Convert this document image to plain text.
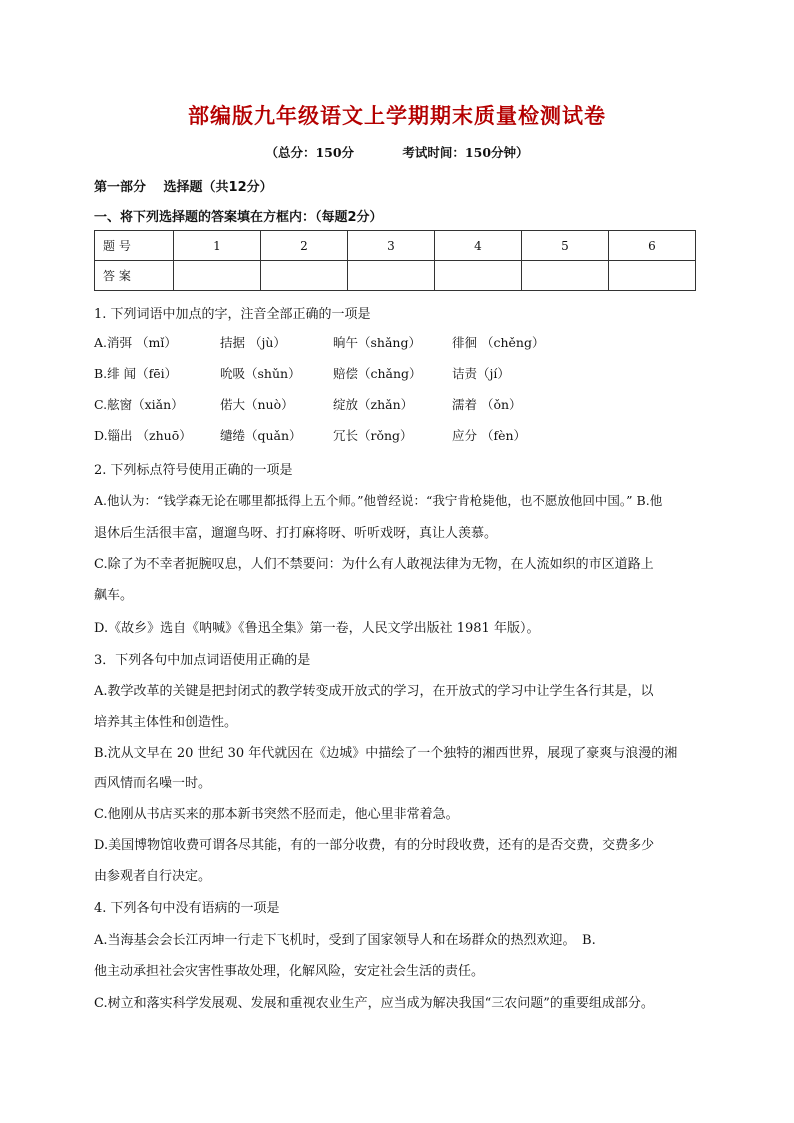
部编版九年级语文上学期期末质量检测试卷
（总分：150分	考试时间：150分钟）
第一部分　 选择题（共12分）
一、将下列选择题的答案填在方框内：（每题2分）
题 号	1	2	3	4	5	6
答 案						
1. 下列词语中加点的字，注音全部正确的一项是
A.消弭 （mǐ）	拮据 （jù）	晌午（shǎng） 徘徊 （chěng）
B.绯 闻（fēi）	吮吸（shǔn）	赔偿（chǎng） 诘责（jí）
C.舷窗（xiǎn）	偌大（nuò）	绽放（zhǎn）	濡着 （ǒn）
D.锱出 （zhuō） 缱绻（quǎn）	冗长（rǒng）	应分 （fèn）
2. 下列标点符号使用正确的一项是
A.他认为：“钱学森无论在哪里都抵得上五个师。”他曾经说：“我宁肯枪毙他，也不愿放他回中国。” B.他
退休后生活很丰富，遛遛鸟呀、打打麻将呀、听听戏呀，真让人羡慕。
C.除了为不幸者扼腕叹息，人们不禁要问：为什么有人敢视法律为无物，在人流如织的市区道路上
飙车。
D.《故乡》选自《呐喊》《鲁迅全集》第一卷，人民文学出版社 1981 年版）。
3．下列各句中加点词语使用正确的是
A.教学改革的关键是把封闭式的教学转变成开放式的学习，在开放式的学习中让学生各行其是，以
培养其主体性和创造性。
B.沈从文早在 20 世纪 30 年代就因在《边城》中描绘了一个独特的湘西世界，展现了豪爽与浪漫的湘
西风情而名噪一时。
C.他刚从书店买来的那本新书突然不胫而走，他心里非常着急。
D.美国博物馆收费可谓各尽其能，有的一部分收费，有的分时段收费，还有的是否交费，交费多少
由参观者自行决定。
4. 下列各句中没有语病的一项是
A.当海基会会长江丙坤一行走下飞机时，受到了国家领导人和在场群众的热烈欢迎。　B.
他主动承担社会灾害性事故处理，化解风险，安定社会生活的责任。
C.树立和落实科学发展观、发展和重视农业生产，应当成为解决我国“三农问题”的重要组成部分。
